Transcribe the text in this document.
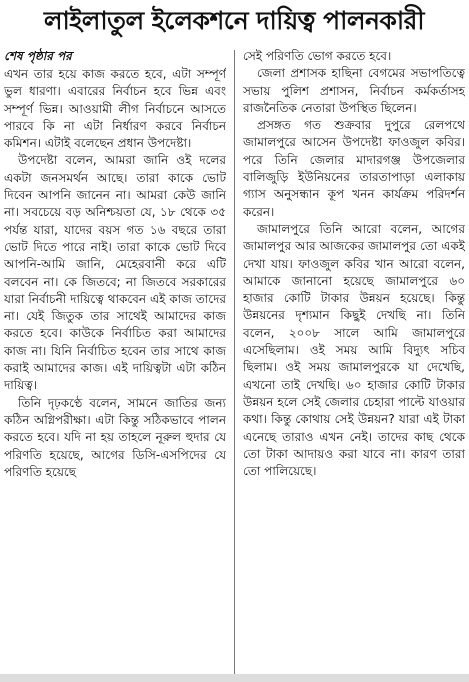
লাইলাতুল ইলেকশনে দায়িত্ব পালনকারী
শেষ পৃষ্ঠার পর

এখন তার হয়ে কাজ করতে হবে, এটা সম্পূর্ণ ভুল ধারণা। এবারের নির্বাচন হবে ভিন্ন এবং সম্পূর্ণ ভিন্ন। আওয়ামী লীগ নির্বাচনে আসতে পারবে কি না এটা নির্ধারণ করবে নির্বাচন কমিশন। এটাই বলেছেন প্রধান উপদেষ্টা।

উপদেষ্টা বলেন, আমরা জানি ওই দলের একটা জনসমর্থন আছে। তারা কাকে ভোট দিবেন আপনি জানেন না। আমরা কেউ জানি না। সবচেয়ে বড় অনিশ্চয়তা যে, ১৮ থেকে ৩৫ পর্যন্ত যারা, যাদের বয়স গত ১৬ বছরে তারা ভোট দিতে পারে নাই। তারা কাকে ভোট দিবে আপনি-আমি জানি, মেহেরবানী করে এটি বলবেন না। কে জিতবে; না জিতবে সরকারের যারা নির্বাচনী দায়িত্বে থাকবেন এই কাজ তাদের না। যেই জিতুক তার সাথেই আমাদের কাজ করতে হবে। কাউকে নির্বাচিত করা আমাদের কাজ না। যিনি নির্বাচিত হবেন তার সাথে কাজ করাই আমাদের কাজ। এই দায়িত্বটা এটা কঠিন দায়িত্ব।

তিনি দৃঢ়কণ্ঠে বলেন, সামনে জাতির জন্য কঠিন অগ্নিপরীক্ষা। এটা কিন্তু সঠিকভাবে পালন করতে হবে। যদি না হয় তাহলে নূরুল হুদার যে পরিণতি হয়েছে, আগের ডিসি-এসপিদের যে পরিণতি হয়েছে

সেই পরিণতি ভোগ করতে হবে।

জেলা প্রশাসক হাছিনা বেগমের সভাপতিত্বে সভায় পুলিশ প্রশাসন, নির্বাচন কর্মকর্তাসহ রাজনৈতিক নেতারা উপস্থিত ছিলেন।

প্রসঙ্গত গত শুক্রবার দুপুরে রেলপথে জামালপুরে আসেন উপদেষ্টা ফাওজুল কবির। পরে তিনি জেলার মাদারগঞ্জ উপজেলার বালিজুড়ি ইউনিয়নের তারতাপাড়া এলাকায় গ্যাস অনুসন্ধান কূপ খনন কার্যক্রম পরিদর্শন করেন।

জামালপুরে তিনি আরো বলেন, আগের জামালপুর আর আজকের জামালপুর তো একই দেখা যায়। ফাওজুল কবির খান আরো বলেন, আমাকে জানানো হয়েছে জামালপুরে ৬০ হাজার কোটি টাকার উন্নয়ন হয়েছে। কিন্তু উন্নয়নের দৃশ্যমান কিছুই দেখছি না। তিনি বলেন, ২০০৮ সালে আমি জামালপুরে এসেছিলাম। ওই সময় আমি বিদ্যুৎ সচিব ছিলাম। ওই সময় জামালপুরকে যা দেখেছি, এখনো তাই দেখছি। ৬০ হাজার কোটি টাকার উন্নয়ন হলে সেই জেলার চেহারা পাল্টে যাওয়ার কথা। কিন্তু কোথায় সেই উন্নয়ন? যারা এই টাকা এনেছে তারাও এখন নেই। তাদের কাছ থেকে তো টাকা আদায়ও করা যাবে না। কারণ তারা তো পালিয়েছে।
